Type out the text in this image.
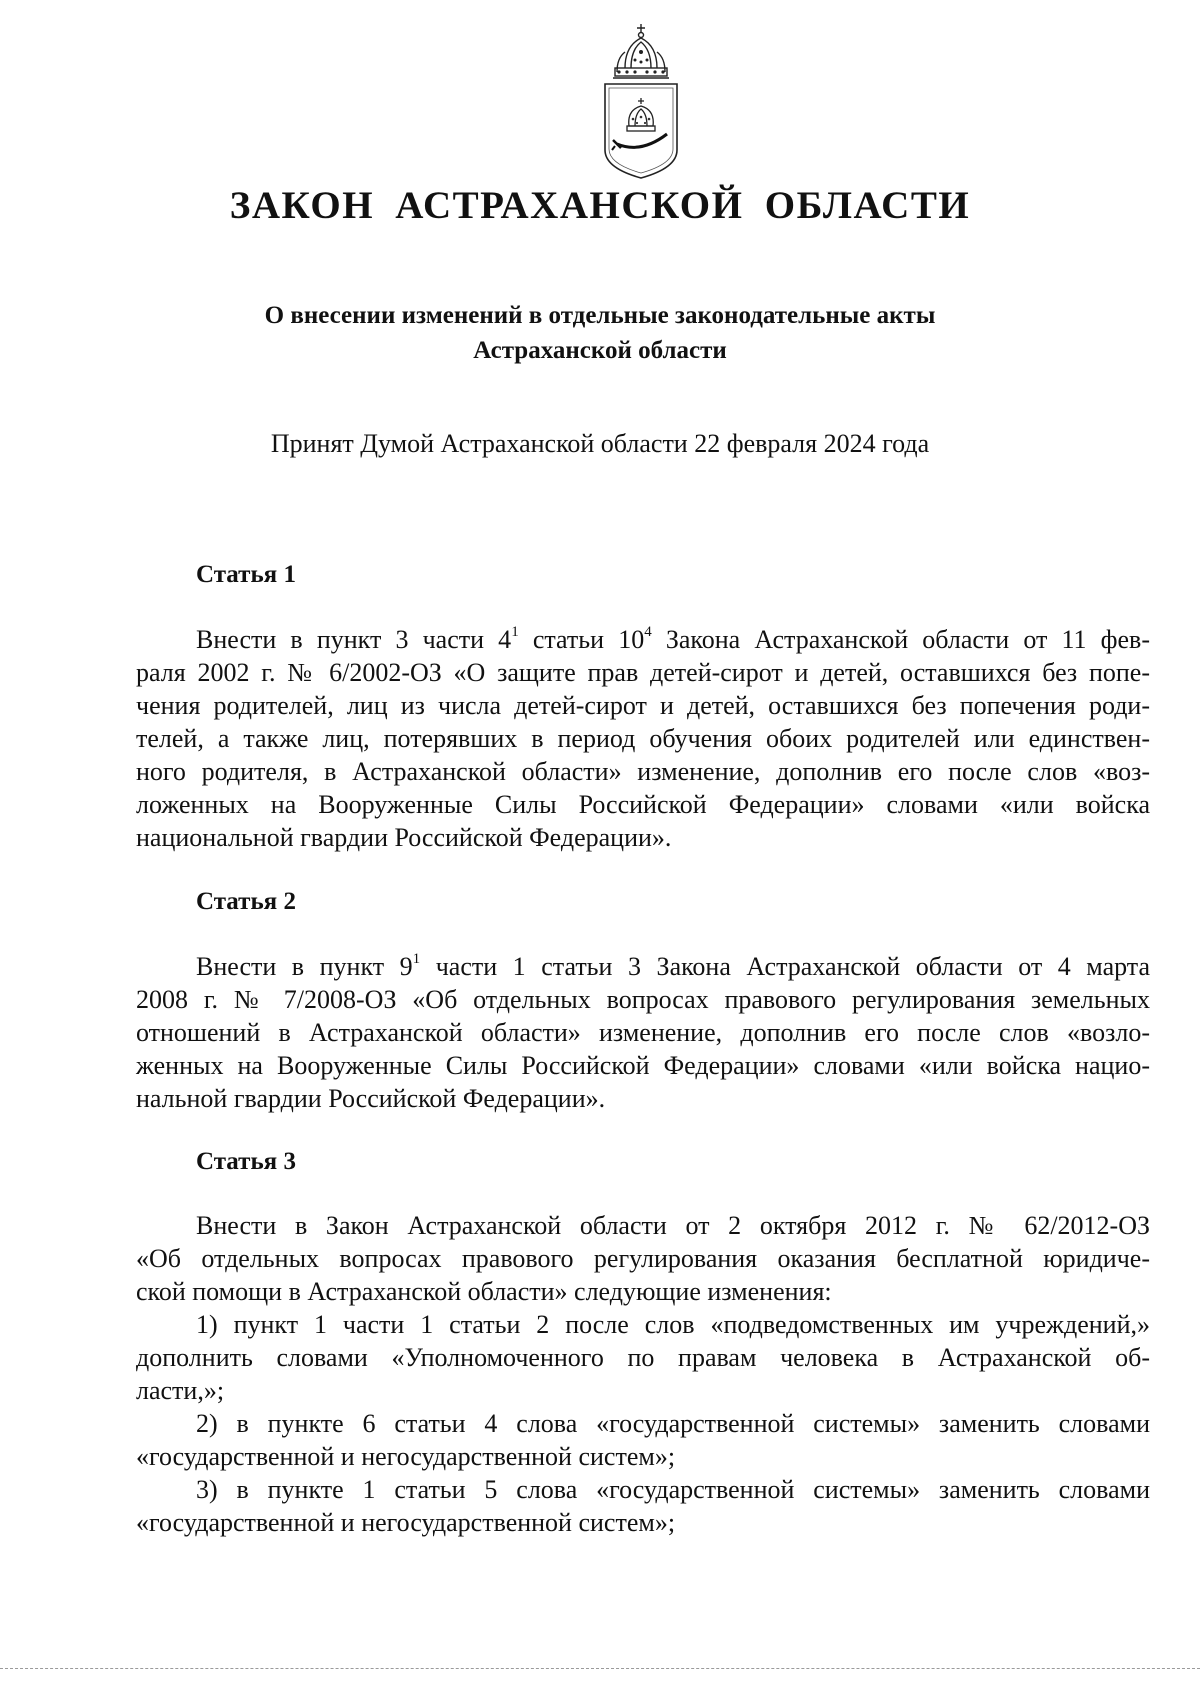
ЗАКОН АСТРАХАНСКОЙ ОБЛАСТИ
О внесении изменений в отдельные законодательные акты
Астраханской области
Принят Думой Астраханской области 22 февраля 2024 года
Статья 1
Внести в пункт 3 части $4^1$ статьи $10^4$ Закона Астраханской области от 11 фев-
раля 2002 г. № 6/2002-ОЗ «О защите прав детей-сирот и детей, оставшихся без попе-
чения родителей, лиц из числа детей-сирот и детей, оставшихся без попечения роди-
телей, а также лиц, потерявших в период обучения обоих родителей или единствен-
ного родителя, в Астраханской области» изменение, дополнив его после слов «воз-
ложенных на Вооруженные Силы Российской Федерации» словами «или войска
национальной гвардии Российской Федерации».
Статья 2
Внести в пункт $9^1$ части 1 статьи 3 Закона Астраханской области от 4 марта
2008 г. № 7/2008-ОЗ «Об отдельных вопросах правового регулирования земельных
отношений в Астраханской области» изменение, дополнив его после слов «возло-
женных на Вооруженные Силы Российской Федерации» словами «или войска нацио-
нальной гвардии Российской Федерации».
Статья 3
Внести в Закон Астраханской области от 2 октября 2012 г. № 62/2012-ОЗ
«Об отдельных вопросах правового регулирования оказания бесплатной юридиче-
ской помощи в Астраханской области» следующие изменения:
1) пункт 1 части 1 статьи 2 после слов «подведомственных им учреждений,»
дополнить словами «Уполномоченного по правам человека в Астраханской об-
ласти,»;
2) в пункте 6 статьи 4 слова «государственной системы» заменить словами
«государственной и негосударственной систем»;
3) в пункте 1 статьи 5 слова «государственной системы» заменить словами
«государственной и негосударственной систем»;
